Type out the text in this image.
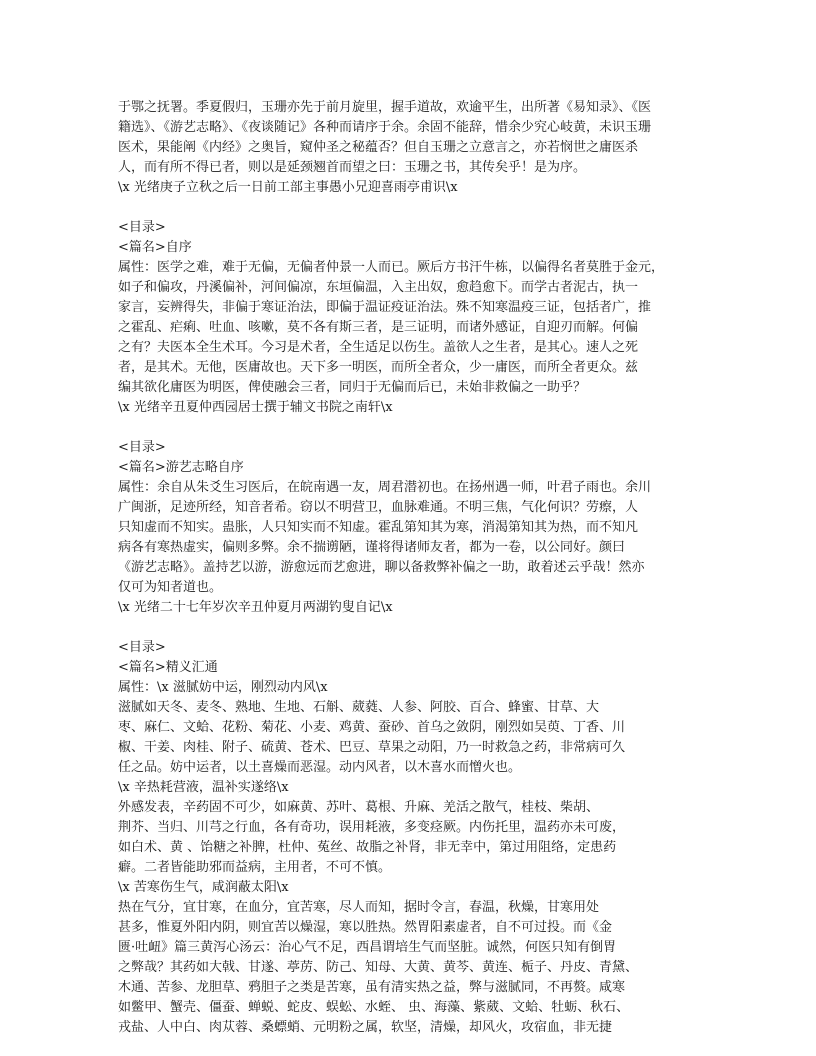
于鄂之抚署。季夏假归，玉珊亦先于前月旋里，握手道故，欢逾平生，出所著《易知录》、《医
籍选》、《游艺志略》、《夜谈随记》各种而请序于余。余固不能辞，惜余少究心岐黄，未识玉珊
医术，果能阐《内经》之奥旨，窥仲圣之秘蕴否？但自玉珊之立意言之，亦若悯世之庸医杀
人，而有所不得已者，则以是延颈翘首而望之曰：玉珊之书，其传矣乎！是为序。
\x 光绪庚子立秋之后一日前工部主事愚小兄迎喜雨亭甫识\x
<目录>
<篇名>自序
属性：医学之难，难于无偏，无偏者仲景一人而已。厥后方书汗牛栋，以偏得名者莫胜于金元，
如子和偏攻，丹溪偏补，河间偏凉，东垣偏温，入主出奴，愈趋愈下。而学古者泥古，执一
家言，妄辨得失，非偏于寒证治法，即偏于温证疫证治法。殊不知寒温疫三证，包括者广，推
之霍乱、疟痢、吐血、咳嗽，莫不各有斯三者，是三证明，而诸外感证，自迎刃而解。何偏
之有？夫医本全生术耳。今习是术者，全生适足以伤生。盖欲人之生者，是其心。速人之死
者，是其术。无他，医庸故也。天下多一明医，而所全者众，少一庸医，而所全者更众。兹
编其欲化庸医为明医，俾使融会三者，同归于无偏而后已，未始非救偏之一助乎？
\x 光绪辛丑夏仲西园居士撰于辅文书院之南轩\x
<目录>
<篇名>游艺志略自序
属性：余自从朱爻生习医后，在皖南遇一友，周君潜初也。在扬州遇一师，叶君子雨也。余川
广闽浙，足迹所经，知音者希。窃以不明营卫，血脉难通。不明三焦，气化何识？劳瘵，人
只知虚而不知实。蛊胀，人只知实而不知虚。霍乱第知其为寒，消渴第知其为热，而不知凡
病各有寒热虚实，偏则多弊。余不揣谫陋，谨将得诸师友者，都为一卷，以公同好。颜曰
《游艺志略》。盖持艺以游，游愈远而艺愈进，聊以备救弊补偏之一助，敢着述云乎哉！然亦
仅可为知者道也。
\x 光绪二十七年岁次辛丑仲夏月两湖钓叟自记\x
<目录>
<篇名>精义汇通
属性：\x 滋腻妨中运，刚烈动内风\x
滋腻如天冬、麦冬、熟地、生地、石斛、葳蕤、人参、阿胶、百合、蜂蜜、甘草、大
枣、麻仁、文蛤、花粉、菊花、小麦、鸡黄、蚕砂、首乌之敛阴，刚烈如吴萸、丁香、川
椒、干姜、肉桂、附子、硫黄、苍术、巴豆、草果之动阳，乃一时救急之药，非常病可久
任之品。妨中运者，以土喜燥而恶湿。动内风者，以木喜水而憎火也。
\x 辛热耗营液，温补实遂络\x
外感发表，辛药固不可少，如麻黄、苏叶、葛根、升麻、羌活之散气，桂枝、柴胡、
荆芥、当归、川芎之行血，各有奇功，误用耗液，多变痉厥。内伤托里，温药亦未可废，
如白术、黄 、饴糖之补脾，杜仲、菟丝、故脂之补肾，非无幸中，第过用阻络，定患药
癖。二者皆能助邪而益病，主用者，不可不慎。
\x 苦寒伤生气，咸润蔽太阳\x
热在气分，宜甘寒，在血分，宜苦寒，尽人而知，据时令言，春温，秋燥，甘寒用处
甚多，惟夏外阳内阴，则宜苦以燥湿，寒以胜热。然胃阳素虚者，自不可过投。而《金
匮·吐衄》篇三黄泻心汤云：治心气不足，西昌谓培生气而坚脏。诚然，何医只知有倒胃
之弊哉？其药如大戟、甘遂、葶苈、防己、知母、大黄、黄芩、黄连、栀子、丹皮、青黛、
木通、苦参、龙胆草、鸦胆子之类是苦寒，虽有清实热之益，弊与滋腻同，不再赘。咸寒
如鳖甲、蟹壳、僵蚕、蝉蜕、蛇皮、蜈蚣、水蛭、 虫、海藻、紫葳、文蛤、牡蛎、秋石、
戎盐、人中白、肉苁蓉、桑螵蛸、元明粉之属，软坚，清燥，却风火，攻宿血，非无捷
